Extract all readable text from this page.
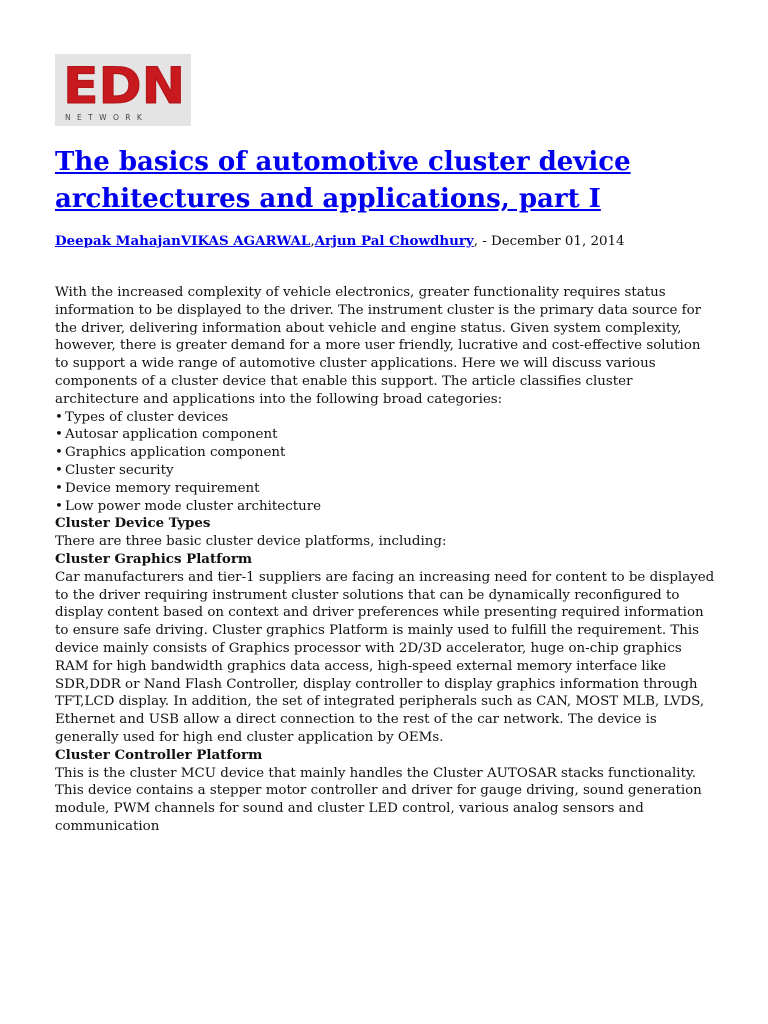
EDN
NETWORK
The basics of automotive cluster device architectures and applications, part I
Deepak MahajanVIKAS AGARWAL,Arjun Pal Chowdhury, - December 01, 2014

With the increased complexity of vehicle electronics, greater functionality requires status information to be displayed to the driver. The instrument cluster is the primary data source for the driver, delivering information about vehicle and engine status. Given system complexity, however, there is greater demand for a more user friendly, lucrative and cost-effective solution to support a wide range of automotive cluster applications. Here we will discuss various components of a cluster device that enable this support. The article classifies cluster architecture and applications into the following broad categories:

• Types of cluster devices
• Autosar application component
• Graphics application component
• Cluster security
• Device memory requirement
• Low power mode cluster architecture

Cluster Device Types

There are three basic cluster device platforms, including:

Cluster Graphics Platform

Car manufacturers and tier-1 suppliers are facing an increasing need for content to be displayed to the driver requiring instrument cluster solutions that can be dynamically reconfigured to display content based on context and driver preferences while presenting required information to ensure safe driving. Cluster graphics Platform is mainly used to fulfill the requirement. This device mainly consists of Graphics processor with 2D/3D accelerator, huge on-chip graphics RAM for high bandwidth graphics data access, high-speed external memory interface like SDR,DDR or Nand Flash Controller, display controller to display graphics information through TFT,LCD display. In addition, the set of integrated peripherals such as CAN, MOST MLB, LVDS, Ethernet and USB allow a direct connection to the rest of the car network. The device is generally used for high end cluster application by OEMs.

Cluster Controller Platform

This is the cluster MCU device that mainly handles the Cluster AUTOSAR stacks functionality. This device contains a stepper motor controller and driver for gauge driving, sound generation module, PWM channels for sound and cluster LED control, various analog sensors and communication
